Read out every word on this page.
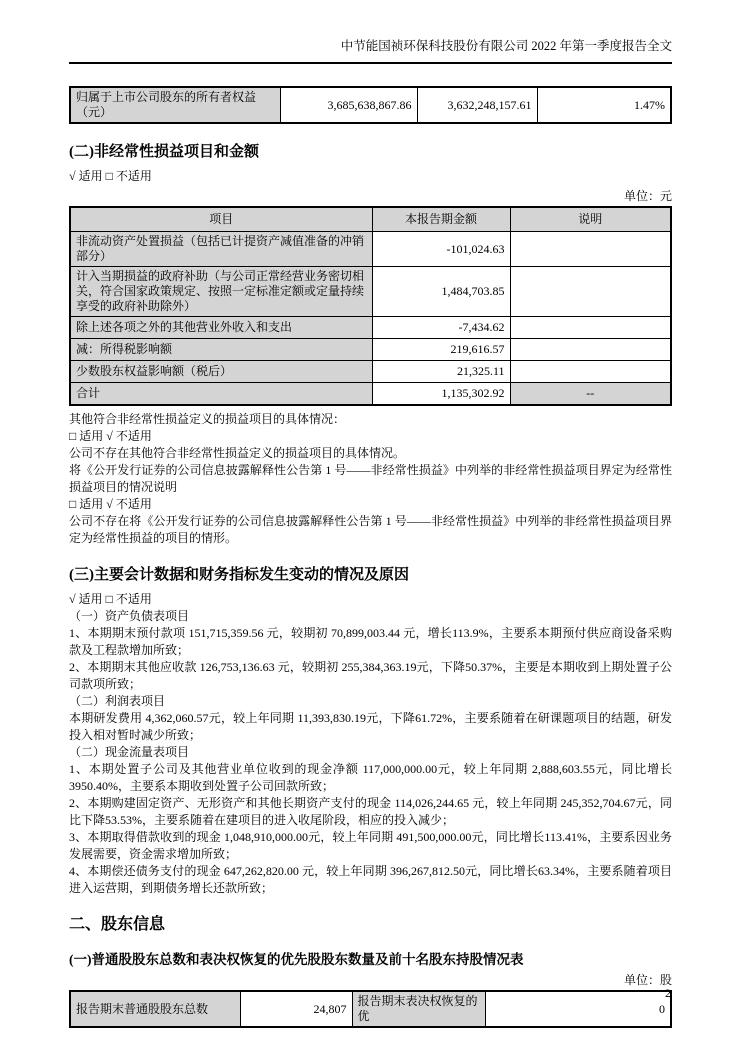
中节能国祯环保科技股份有限公司 2022 年第一季度报告全文
归属于上市公司股东的所有者权益（元）	3,685,638,867.86	3,632,248,157.61	1.47%
(二)非经常性损益项目和金额

√ 适用 □ 不适用

单位：元
项目	本报告期金额	说明
非流动资产处置损益（包括已计提资产减值准备的冲销部分）	-101,024.63	
计入当期损益的政府补助（与公司正常经营业务密切相关，符合国家政策规定、按照一定标准定额或定量持续享受的政府补助除外）	1,484,703.85	
除上述各项之外的其他营业外收入和支出	-7,434.62	
减：所得税影响额	219,616.57	
少数股东权益影响额（税后）	21,325.11	
合计	1,135,302.92	--

其他符合非经常性损益定义的损益项目的具体情况：

□ 适用 √ 不适用

公司不存在其他符合非经常性损益定义的损益项目的具体情况。

将《公开发行证券的公司信息披露解释性公告第 1 号——非经常性损益》中列举的非经常性损益项目界定为经常性损益项目的情况说明

□ 适用 √ 不适用

公司不存在将《公开发行证券的公司信息披露解释性公告第 1 号——非经常性损益》中列举的非经常性损益项目界定为经常性损益的项目的情形。

(三)主要会计数据和财务指标发生变动的情况及原因

√ 适用 □ 不适用

（一）资产负债表项目

1、本期期末预付款项 151,715,359.56 元，较期初 70,899,003.44 元，增长113.9%，主要系本期预付供应商设备采购款及工程款增加所致；

2、本期期末其他应收款 126,753,136.63 元，较期初 255,384,363.19元，下降50.37%，主要是本期收到上期处置子公司款项所致；

（二）利润表项目

本期研发费用 4,362,060.57元，较上年同期 11,393,830.19元，下降61.72%，主要系随着在研课题项目的结题，研发投入相对暂时减少所致；

（二）现金流量表项目

1、本期处置子公司及其他营业单位收到的现金净额 117,000,000.00元，较上年同期 2,888,603.55元，同比增长3950.40%，主要系本期收到处置子公司回款所致；

2、本期购建固定资产、无形资产和其他长期资产支付的现金 114,026,244.65 元，较上年同期 245,352,704.67元，同比下降53.53%，主要系随着在建项目的进入收尾阶段，相应的投入减少；

3、本期取得借款收到的现金 1,048,910,000.00元，较上年同期 491,500,000.00元，同比增长113.41%，主要系因业务发展需要，资金需求增加所致；

4、本期偿还债务支付的现金 647,262,820.00 元，较上年同期 396,267,812.50元，同比增长63.34%，主要系随着项目进入运营期，到期债务增长还款所致；

二、股东信息
(一)普通股股东总数和表决权恢复的优先股股东数量及前十名股东持股情况表
单位：股
报告期末普通股股东总数	24,807	报告期末表决权恢复的优	0
2
